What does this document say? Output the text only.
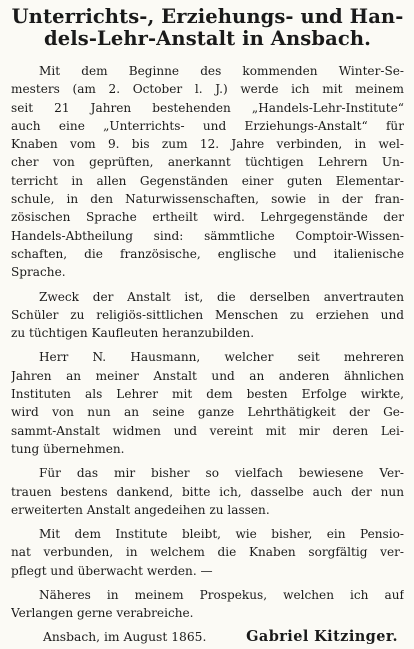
Unterrichts-, Erziehungs- und Han-
dels-Lehr-Anstalt in Ansbach.
Mit dem Beginne des kommenden Winter-Se-
mesters (am 2. October l. J.) werde ich mit meinem
seit 21 Jahren bestehenden „Handels-Lehr-Institute“
auch eine „Unterrichts- und Erziehungs-Anstalt“ für
Knaben vom 9. bis zum 12. Jahre verbinden, in wel-
cher von geprüften, anerkannt tüchtigen Lehrern Un-
terricht in allen Gegenständen einer guten Elementar-
schule, in den Naturwissenschaften, sowie in der fran-
zösischen Sprache ertheilt wird. Lehrgegenstände der
Handels-Abtheilung sind: sämmtliche Comptoir-Wissen-
schaften, die französische, englische und italienische
Sprache.
Zweck der Anstalt ist, die derselben anvertrauten
Schüler zu religiös-sittlichen Menschen zu erziehen und
zu tüchtigen Kaufleuten heranzubilden.
Herr N. Hausmann, welcher seit mehreren
Jahren an meiner Anstalt und an anderen ähnlichen
Instituten als Lehrer mit dem besten Erfolge wirkte,
wird von nun an seine ganze Lehrthätigkeit der Ge-
sammt-Anstalt widmen und vereint mit mir deren Lei-
tung übernehmen.
Für das mir bisher so vielfach bewiesene Ver-
trauen bestens dankend, bitte ich, dasselbe auch der nun
erweiterten Anstalt angedeihen zu lassen.
Mit dem Institute bleibt, wie bisher, ein Pensio-
nat verbunden, in welchem die Knaben sorgfältig ver-
pflegt und überwacht werden. —
Näheres in meinem Prospekus, welchen ich auf
Verlangen gerne verabreiche.
Ansbach, im August 1865.	Gabriel Kitzinger.
